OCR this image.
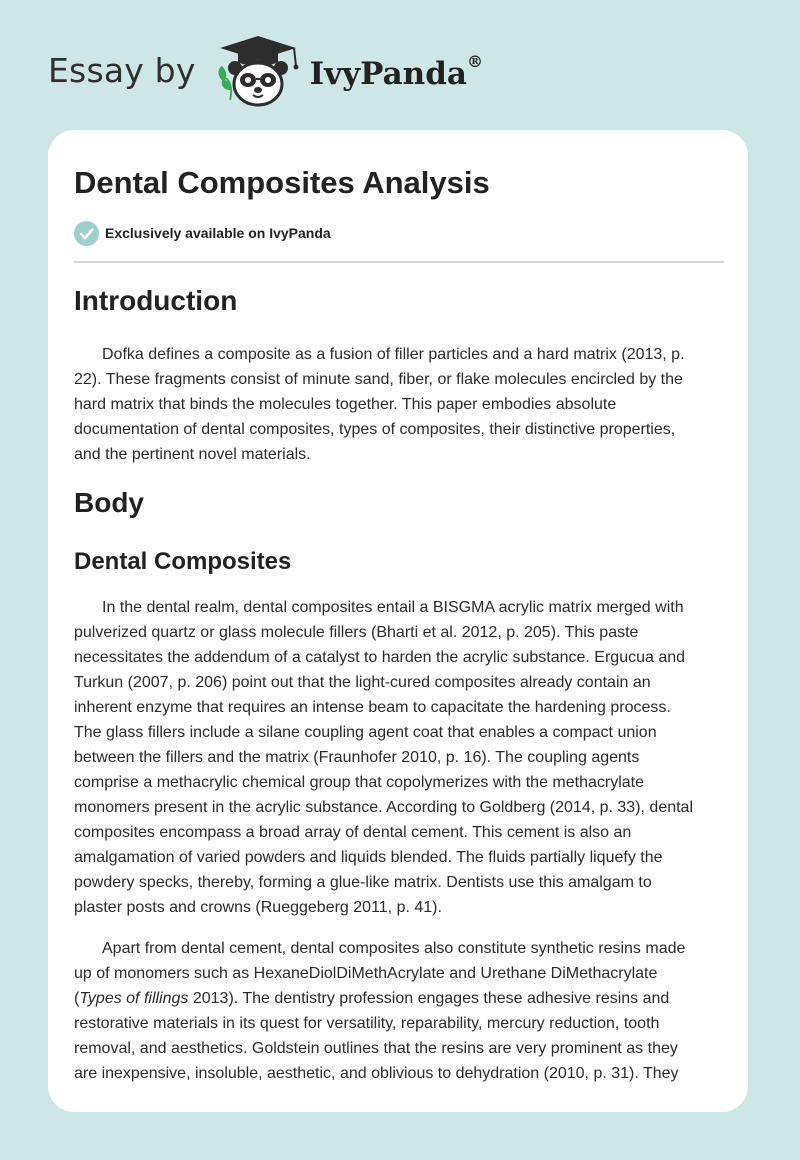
Essay by	IvyPanda®
Dental Composites Analysis
Exclusively available on IvyPanda
Introduction
Dofka defines a composite as a fusion of filler particles and a hard matrix (2013, p.
22). These fragments consist of minute sand, fiber, or flake molecules encircled by the
hard matrix that binds the molecules together. This paper embodies absolute
documentation of dental composites, types of composites, their distinctive properties,
and the pertinent novel materials.
Body
Dental Composites
In the dental realm, dental composites entail a BISGMA acrylic matrix merged with
pulverized quartz or glass molecule fillers (Bharti et al. 2012, p. 205). This paste
necessitates the addendum of a catalyst to harden the acrylic substance. Ergucua and
Turkun (2007, p. 206) point out that the light-cured composites already contain an
inherent enzyme that requires an intense beam to capacitate the hardening process.
The glass fillers include a silane coupling agent coat that enables a compact union
between the fillers and the matrix (Fraunhofer 2010, p. 16). The coupling agents
comprise a methacrylic chemical group that copolymerizes with the methacrylate
monomers present in the acrylic substance. According to Goldberg (2014, p. 33), dental
composites encompass a broad array of dental cement. This cement is also an
amalgamation of varied powders and liquids blended. The fluids partially liquefy the
powdery specks, thereby, forming a glue-like matrix. Dentists use this amalgam to
plaster posts and crowns (Rueggeberg 2011, p. 41).
Apart from dental cement, dental composites also constitute synthetic resins made
up of monomers such as HexaneDiolDiMethAcrylate and Urethane DiMethacrylate
(Types of fillings 2013). The dentistry profession engages these adhesive resins and
restorative materials in its quest for versatility, reparability, mercury reduction, tooth
removal, and aesthetics. Goldstein outlines that the resins are very prominent as they
are inexpensive, insoluble, aesthetic, and oblivious to dehydration (2010, p. 31). They
